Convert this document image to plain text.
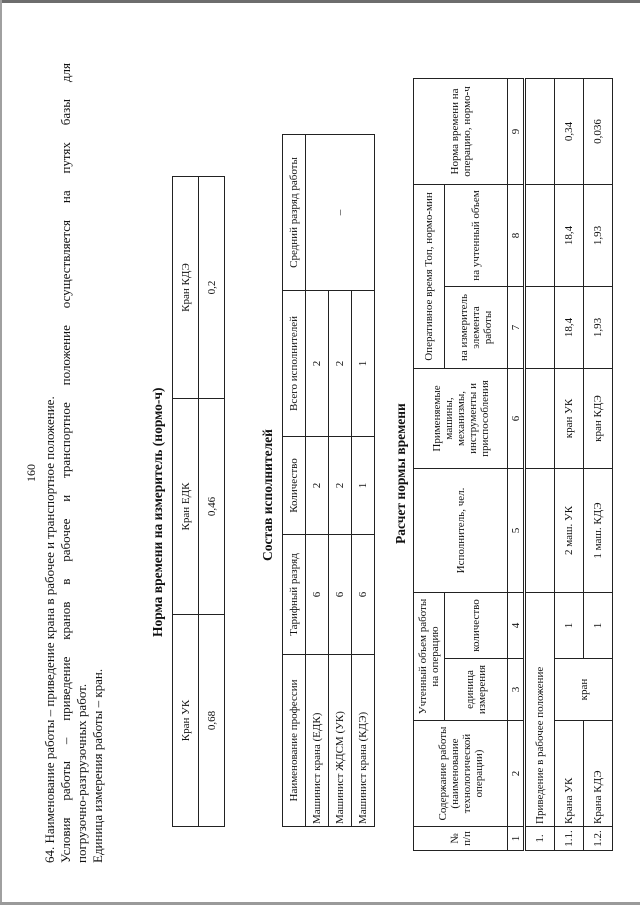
160 64. Наименование работы – приведение крана в рабочее и транспортное положение. Условия работы – приведение кранов в рабочее и транспортное положение осуществляется на путях базы для погрузочно-разгрузочных работ. Единица измерения работы – кран.
Норма времени на измеритель (нормо-ч)
Кран УК	Кран ЕДК	Кран КДЭ
0,68	0,46	0,2
Состав исполнителей
Наименование профессии	Тарифный разряд	Количество	Всего исполнителей	Средний разряд работы
Машинист крана (ЕДК)	6	2	2	–
Машинист ЖДСМ (УК)	6	2	2	
Машинист крана (КДЭ)	6	1	1	
Расчет нормы времени
№ п/п	Содержание работы (наименование технологической операции)	Учтенный объем работы на операцию		Исполнитель, чел.	Применяемые машины, механизмы, инструменты и приспособления	Оперативное время Топ, нормо-мин		Норма времени на операцию, нормо-ч
		единица измерения	количество			на измеритель элемента работы	на учтенный объем	
1	2	3	4	5	6	7	8	9
1.	Приведение в рабочее положение							
1.1.	Крана УК	кран	1	2 маш. УК	кран УК	18,4	18,4	0,34
1.2.	Крана КДЭ		1	1 маш. КДЭ	кран КДЭ	1,93	1,93	0,036
